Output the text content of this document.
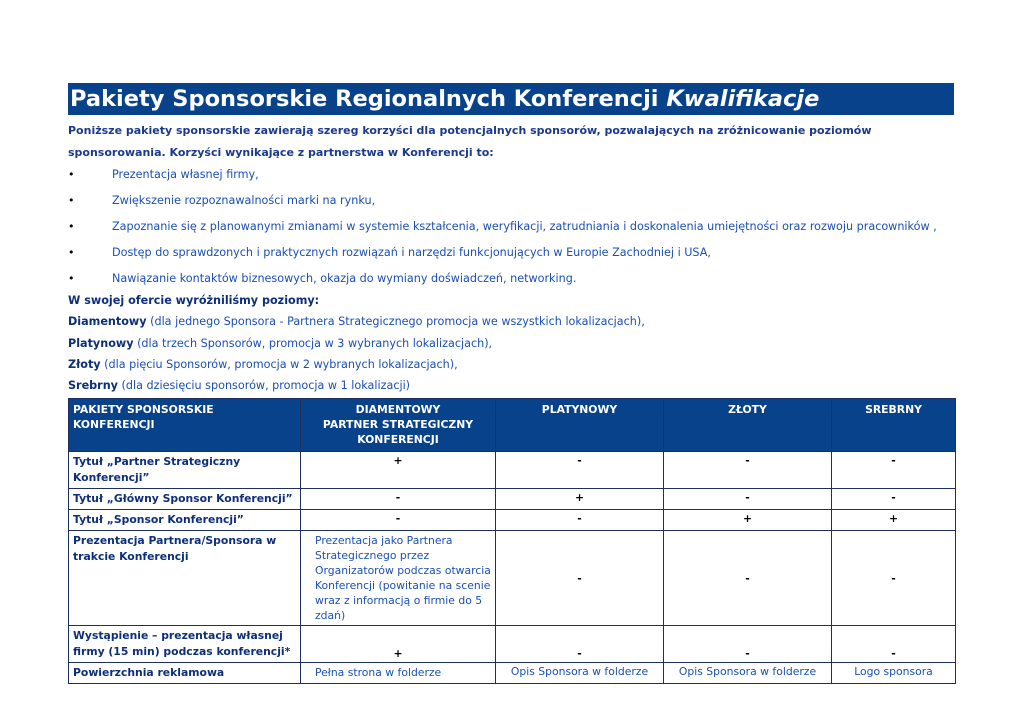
Pakiety Sponsorskie Regionalnych Konferencji Kwalifikacje
Poniższe pakiety sponsorskie zawierają szereg korzyści dla potencjalnych sponsorów, pozwalających na zróżnicowanie poziomów sponsorowania. Korzyści wynikające z partnerstwa w Konferencji to:
•	Prezentacja własnej firmy,
•	Zwiększenie rozpoznawalności marki na rynku,
•	Zapoznanie się z planowanymi zmianami w systemie kształcenia, weryfikacji, zatrudniania i doskonalenia umiejętności oraz rozwoju pracowników ,
•	Dostęp do sprawdzonych i praktycznych rozwiązań i narzędzi funkcjonujących w Europie Zachodniej i USA,
•	Nawiązanie kontaktów biznesowych, okazja do wymiany doświadczeń, networking.
W swojej ofercie wyróżniliśmy poziomy:
Diamentowy (dla jednego Sponsora - Partnera Strategicznego promocja we wszystkich lokalizacjach),
Platynowy (dla trzech Sponsorów, promocja w 3 wybranych lokalizacjach),
Złoty (dla pięciu Sponsorów, promocja w 2 wybranych lokalizacjach),
Srebrny (dla dziesięciu sponsorów, promocja w 1 lokalizacji)
PAKIETY SPONSORSKIE KONFERENCJI	DIAMENTOWY
PARTNER STRATEGICZNY
KONFERENCJI	PLATYNOWY	ZŁOTY	SREBRNY
Tytuł „Partner Strategiczny Konferencji”	+	-	-	-
Tytuł „Główny Sponsor Konferencji”	-	+	-	-
Tytuł „Sponsor Konferencji”	-	-	+	+
Prezentacja Partnera/Sponsora w trakcie Konferencji	Prezentacja jako Partnera Strategicznego przez Organizatorów podczas otwarcia Konferencji (powitanie na scenie wraz z informacją o firmie do 5 zdań)	-	-	-
Wystąpienie – prezentacja własnej firmy (15 min) podczas konferencji*	+	-	-	-
Powierzchnia reklamowa	Pełna strona w folderze	Opis Sponsora w folderze	Opis Sponsora w folderze	Logo sponsora
